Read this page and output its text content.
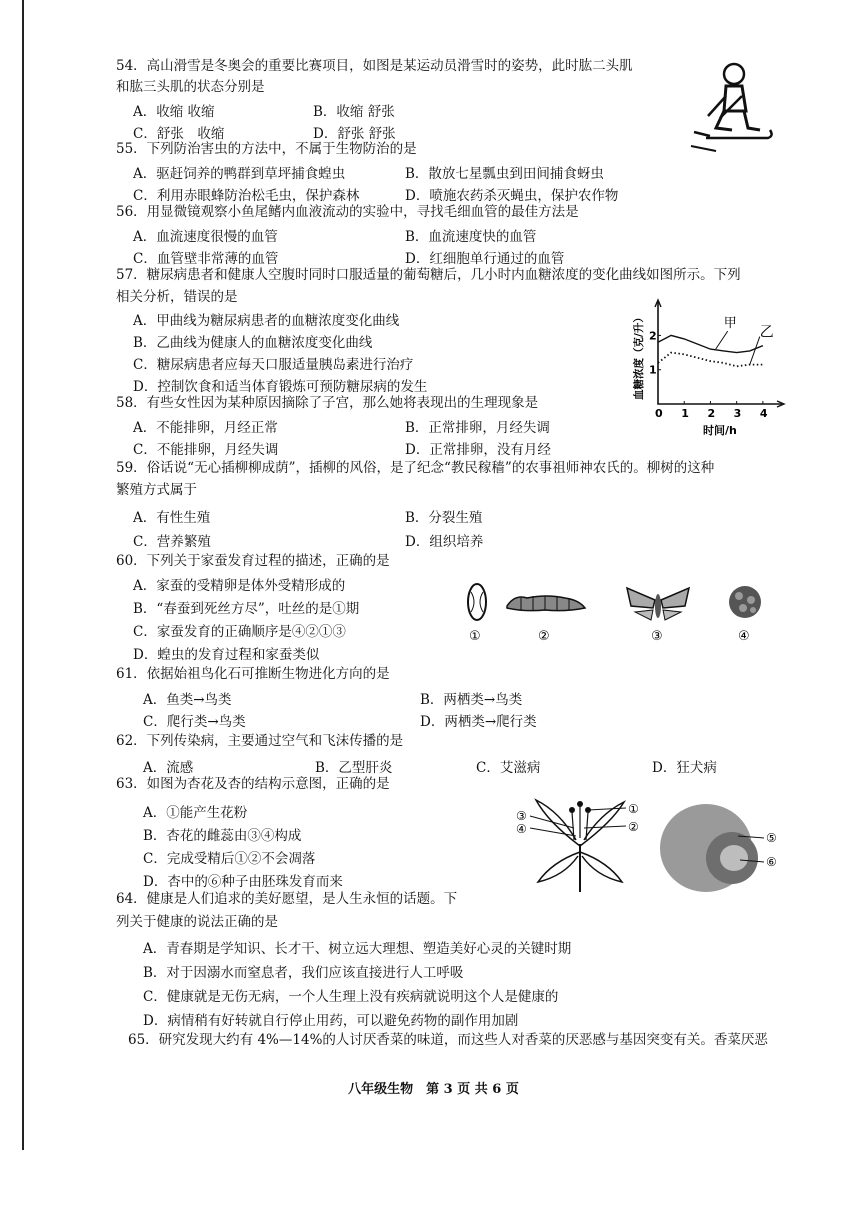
54．高山滑雪是冬奥会的重要比赛项目，如图是某运动员滑雪时的姿势，此时肱二头肌
和肱三头肌的状态分别是
A．收缩 收缩	B．收缩 舒张
C．舒张　收缩	D．舒张 舒张
55．下列防治害虫的方法中，不属于生物防治的是
A．驱赶饲养的鸭群到草坪捕食蝗虫	B．散放七星瓢虫到田间捕食蚜虫
C．利用赤眼蜂防治松毛虫，保护森林	D．喷施农药杀灭蝇虫，保护农作物
56．用显微镜观察小鱼尾鳍内血液流动的实验中，寻找毛细血管的最佳方法是
A．血流速度很慢的血管	B．血流速度快的血管
C．血管壁非常薄的血管	D．红细胞单行通过的血管
57．糖尿病患者和健康人空腹时同时口服适量的葡萄糖后，几小时内血糖浓度的变化曲线如图所示。下列
相关分析，错误的是
A．甲曲线为糖尿病患者的血糖浓度变化曲线
B．乙曲线为健康人的血糖浓度变化曲线
C．糖尿病患者应每天口服适量胰岛素进行治疗
D．控制饮食和适当体育锻炼可预防糖尿病的发生
0 1 2 3 4
1
2
时间/h
血糖浓度（克/升）	甲
乙
58．有些女性因为某种原因摘除了子宫，那么她将表现出的生理现象是
A．不能排卵，月经正常	B．正常排卵，月经失调
C．不能排卵，月经失调	D．正常排卵，没有月经
59．俗话说“无心插柳柳成荫”，插柳的风俗，是了纪念“教民稼穑”的农事祖师神农氏的。柳树的这种
繁殖方式属于
A．有性生殖	B．分裂生殖
C．营养繁殖	D．组织培养
60．下列关于家蚕发育过程的描述，正确的是
A．家蚕的受精卵是体外受精形成的
B．“春蚕到死丝方尽”，吐丝的是①期
C．家蚕发育的正确顺序是④②①③
D．蝗虫的发育过程和家蚕类似
①	②	③	④
61．依据始祖鸟化石可推断生物进化方向的是
A．鱼类→鸟类	B．两栖类→鸟类
C．爬行类→鸟类	D．两栖类→爬行类
62．下列传染病，主要通过空气和飞沫传播的是
A．流感	B．乙型肝炎	C．艾滋病	D．狂犬病
63．如图为杏花及杏的结构示意图，正确的是
A．①能产生花粉
B．杏花的雌蕊由③④构成
C．完成受精后①②不会凋落
D．杏中的⑥种子由胚珠发育而来
①
②
③
④
⑤
⑥
64．健康是人们追求的美好愿望，是人生永恒的话题。下
列关于健康的说法正确的是
A．青春期是学知识、长才干、树立远大理想、塑造美好心灵的关键时期
B．对于因溺水而窒息者，我们应该直接进行人工呼吸
C．健康就是无伤无病，一个人生理上没有疾病就说明这个人是健康的
D．病情稍有好转就自行停止用药，可以避免药物的副作用加剧
65．研究发现大约有 4%—14%的人讨厌香菜的味道，而这些人对香菜的厌恶感与基因突变有关。香菜厌恶
八年级生物　第 3 页 共 6 页
